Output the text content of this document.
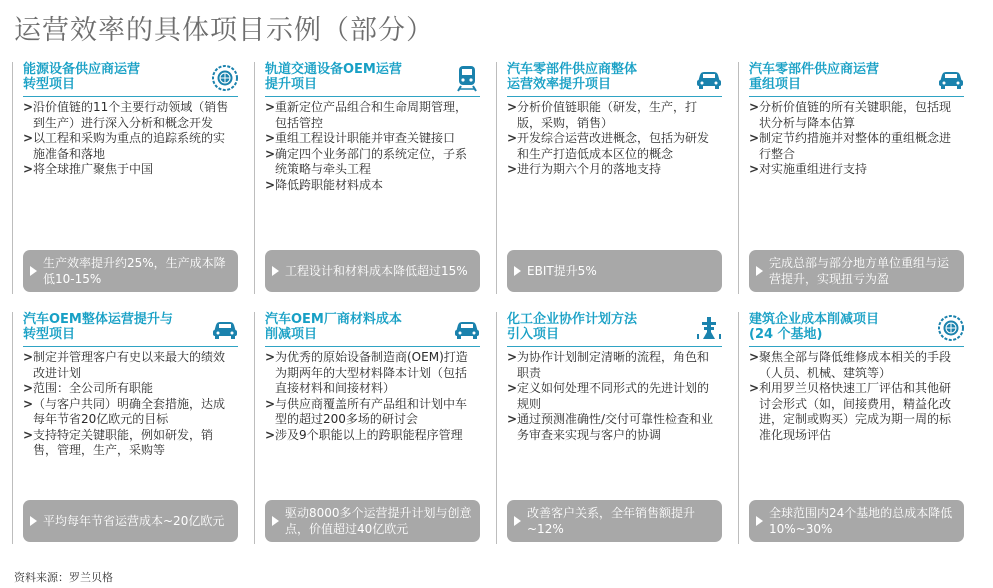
运营效率的具体项目示例（部分）
能源设备供应商运营
转型项目
> 沿价值链的11个主要行动领域（销售到生产）进行深入分析和概念开发
> 以工程和采购为重点的追踪系统的实施准备和落地
> 将全球推广聚焦于中国
生产效率提升约25%，生产成本降低10-15%
轨道交通设备OEM运营
提升项目
> 重新定位产品组合和生命周期管理，包括管控
> 重组工程设计职能并审查关键接口
> 确定四个业务部门的系统定位，子系统策略与牵头工程
> 降低跨职能材料成本
工程设计和材料成本降低超过15%
汽车零部件供应商整体
运营效率提升项目
> 分析价值链职能（研发，生产，打版，采购，销售）
> 开发综合运营改进概念，包括为研发和生产打造低成本区位的概念
> 进行为期六个月的落地支持
EBIT提升5%
汽车零部件供应商运营
重组项目
> 分析价值链的所有关键职能，包括现状分析与降本估算
> 制定节约措施并对整体的重组概念进行整合
> 对实施重组进行支持
完成总部与部分地方单位重组与运营提升，实现扭亏为盈
汽车OEM整体运营提升与
转型项目
> 制定并管理客户有史以来最大的绩效改进计划
> 范围：全公司所有职能
> （与客户共同）明确全套措施，达成每年节省20亿欧元的目标
> 支持特定关键职能，例如研发，销售，管理，生产，采购等
平均每年节省运营成本~20亿欧元
汽车OEM厂商材料成本
削减项目
> 为优秀的原始设备制造商(OEM)打造为期两年的大型材料降本计划（包括直接材料和间接材料）
> 与供应商覆盖所有产品组和计划中车型的超过200多场的研讨会
> 涉及9个职能以上的跨职能程序管理
驱动8000多个运营提升计划与创意点，价值超过40亿欧元
化工企业协作计划方法
引入项目
> 为协作计划制定清晰的流程，角色和职责
> 定义如何处理不同形式的先进计划的规则
> 通过预测准确性/交付可靠性检查和业务审查来实现与客户的协调
改善客户关系，全年销售额提升~12%
建筑企业成本削减项目
(24 个基地)
> 聚焦全部与降低维修成本相关的手段（人员、机械、建筑等）
> 利用罗兰贝格快速工厂评估和其他研讨会形式（如，间接费用，精益化改进，定制或购买）完成为期一周的标准化现场评估
全球范围内24个基地的总成本降低10%~30%
资料来源：罗兰贝格
